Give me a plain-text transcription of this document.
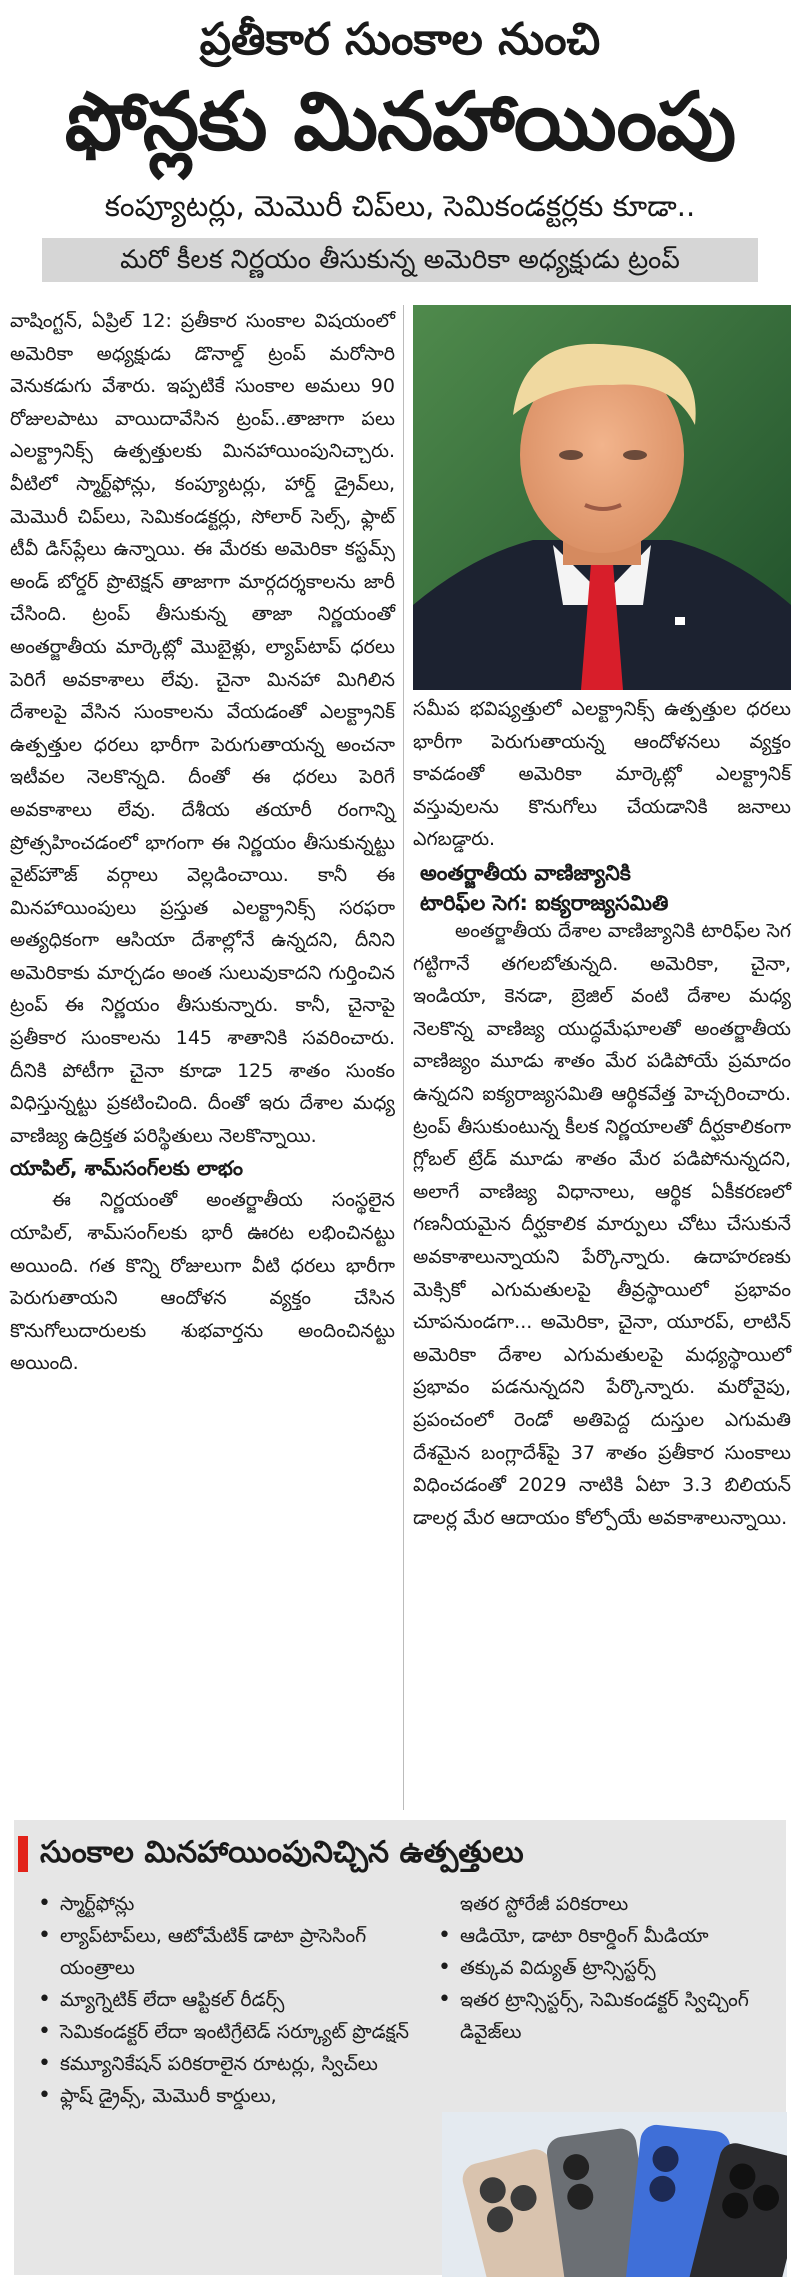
ప్రతీకార సుంకాల నుంచి
ఫోన్లకు మినహాయింపు
కంప్యూటర్లు, మెమొరీ చిప్‌లు, సెమికండక్టర్లకు కూడా..
మరో కీలక నిర్ణయం తీసుకున్న అమెరికా అధ్యక్షుడు ట్రంప్

వాషింగ్టన్‌, ఏప్రిల్‌ 12: ప్రతీకార సుంకాల విషయంలో అమెరికా అధ్యక్షుడు డొనాల్డ్‌ ట్రంప్‌ మరోసారి వెనుకడుగు వేశారు. ఇప్పటికే సుంకాల అమలు 90 రోజులపాటు వాయిదావేసిన ట్రంప్‌..తాజాగా పలు ఎలక్ట్రానిక్స్‌ ఉత్పత్తులకు మినహాయింపునిచ్చారు. వీటిలో స్మార్ట్‌ఫోన్లు, కంప్యూటర్లు, హార్డ్‌ డ్రైవ్‌లు, మెమొరీ చిప్‌లు, సెమికండక్టర్లు, సోలార్‌ సెల్స్‌, ఫ్లాట్‌ టీవీ డిస్‌ప్లేలు ఉన్నాయి. ఈ మేరకు అమెరికా కస్టమ్స్‌ అండ్‌ బోర్డర్‌ ప్రొటెక్షన్‌ తాజాగా మార్గదర్శకాలను జారీ చేసింది. ట్రంప్‌ తీసుకున్న తాజా నిర్ణయంతో అంతర్జాతీయ మార్కెట్లో మొబైళ్లు, ల్యాప్‌టాప్‌ ధరలు పెరిగే అవకాశాలు లేవు. చైనా మినహా మిగిలిన దేశాలపై వేసిన సుంకాలను వేయడంతో ఎలక్ట్రానిక్‌ ఉత్పత్తుల ధరలు భారీగా పెరుగుతాయన్న అంచనా ఇటీవల నెలకొన్నది. దీంతో ఈ ధరలు పెరిగే అవకాశాలు లేవు. దేశీయ తయారీ రంగాన్ని ప్రోత్సహించడంలో భాగంగా ఈ నిర్ణయం తీసుకున్నట్టు వైట్‌హౌజ్‌ వర్గాలు వెల్లడించాయి. కానీ ఈ మినహాయింపులు ప్రస్తుత ఎలక్ట్రానిక్స్‌ సరఫరా అత్యధికంగా ఆసియా దేశాల్లోనే ఉన్నదని, దీనిని అమెరికాకు మార్చడం అంత సులువుకాదని గుర్తించిన ట్రంప్‌ ఈ నిర్ణయం తీసుకున్నారు. కానీ, చైనాపై ప్రతీకార సుంకాలను 145 శాతానికి సవరించారు. దీనికి పోటీగా చైనా కూడా 125 శాతం సుంకం విధిస్తున్నట్టు ప్రకటించింది. దీంతో ఇరు దేశాల మధ్య వాణిజ్య ఉద్రిక్తత పరిస్థితులు నెలకొన్నాయి.

యాపిల్‌, శామ్‌సంగ్‌లకు లాభం

ఈ నిర్ణయంతో అంతర్జాతీయ సంస్థలైన యాపిల్‌, శామ్‌సంగ్‌లకు భారీ ఊరట లభించినట్టు అయింది. గత కొన్ని రోజులుగా వీటి ధరలు భారీగా పెరుగుతాయని ఆందోళన వ్యక్తం చేసిన కొనుగోలుదారులకు శుభవార్తను అందించినట్టు అయింది.

సమీప భవిష్యత్తులో ఎలక్ట్రానిక్స్‌ ఉత్పత్తుల ధరలు భారీగా పెరుగుతాయన్న ఆందోళనలు వ్యక్తం కావడంతో అమెరికా మార్కెట్లో ఎలక్ట్రానిక్‌ వస్తువులను కొనుగోలు చేయడానికి జనాలు ఎగబడ్డారు.

అంతర్జాతీయ వాణిజ్యానికి
టారిఫ్‌ల సెగ: ఐక్యరాజ్యసమితి

అంతర్జాతీయ దేశాల వాణిజ్యానికి టారిఫ్‌ల సెగ గట్టిగానే తగలబోతున్నది. అమెరికా, చైనా, ఇండియా, కెనడా, బ్రెజిల్‌ వంటి దేశాల మధ్య నెలకొన్న వాణిజ్య యుద్ధమేఘాలతో అంతర్జాతీయ వాణిజ్యం మూడు శాతం మేర పడిపోయే ప్రమాదం ఉన్నదని ఐక్యరాజ్యసమితి ఆర్థికవేత్త హెచ్చరించారు. ట్రంప్‌ తీసుకుంటున్న కీలక నిర్ణయాలతో దీర్ఘకాలికంగా గ్లోబల్‌ ట్రేడ్‌ మూడు శాతం మేర పడిపోనున్నదని, అలాగే వాణిజ్య విధానాలు, ఆర్థిక ఏకీకరణలో గణనీయమైన దీర్ఘకాలిక మార్పులు చోటు చేసుకునే అవకాశాలున్నాయని పేర్కొన్నారు. ఉదాహరణకు మెక్సికో ఎగుమతులపై తీవ్రస్థాయిలో ప్రభావం చూపనుండగా... అమెరికా, చైనా, యూరప్‌, లాటిన్‌ అమెరికా దేశాల ఎగుమతులపై మధ్యస్థాయిలో ప్రభావం పడనున్నదని పేర్కొన్నారు. మరోవైపు, ప్రపంచంలో రెండో అతిపెద్ద దుస్తుల ఎగుమతి దేశమైన బంగ్లాదేశ్‌పై 37 శాతం ప్రతీకార సుంకాలు విధించడంతో 2029 నాటికి ఏటా 3.3 బిలియన్‌ డాలర్ల మేర ఆదాయం కోల్పోయే అవకాశాలున్నాయి.

సుంకాల మినహాయింపునిచ్చిన ఉత్పత్తులు
• స్మార్ట్‌ఫోన్లు
• ల్యాప్‌టాప్‌లు, ఆటోమేటిక్‌ డాటా ప్రాసెసింగ్‌ యంత్రాలు
• మ్యాగ్నెటిక్‌ లేదా ఆప్టికల్‌ రీడర్స్‌
• సెమికండక్టర్‌ లేదా ఇంటిగ్రేటెడ్‌ సర్క్యూట్‌ ప్రొడక్షన్‌
• కమ్యూనికేషన్‌ పరికరాలైన రూటర్లు, స్విచ్‌లు
• ఫ్లాష్‌ డ్రైవ్స్‌, మెమొరీ కార్డులు,
ఇతర స్టోరేజీ పరికరాలు
• ఆడియో, డాటా రికార్డింగ్‌ మీడియా
• తక్కువ విద్యుత్‌ ట్రాన్సిస్టర్స్‌
• ఇతర ట్రాన్సిస్టర్స్‌, సెమికండక్టర్‌ స్విచ్చింగ్‌ డివైజ్‌లు
